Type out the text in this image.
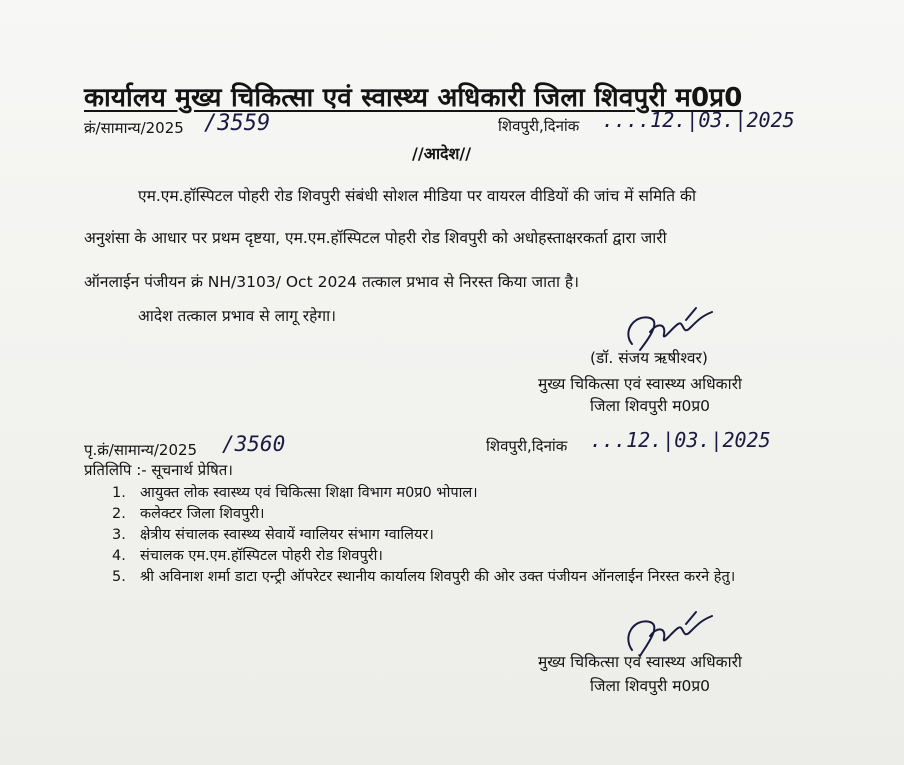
कार्यालय मुख्य चिकित्सा एवं स्वास्थ्य अधिकारी जिला शिवपुरी म0प्र0
क्रं/सामान्य/2025 /3559	शिवपुरी,दिनांक ....12.|03.|2025
//आदेश//
एम.एम.हॉस्पिटल पोहरी रोड शिवपुरी संबंधी सोशल मीडिया पर वायरल वीडियों की जांच में समिति की
अनुशंसा के आधार पर प्रथम दृष्टया, एम.एम.हॉस्पिटल पोहरी रोड शिवपुरी को अधोहस्ताक्षरकर्ता द्वारा जारी
ऑनलाईन पंजीयन क्रं NH/3103/ Oct 2024 तत्काल प्रभाव से निरस्त किया जाता है।
आदेश तत्काल प्रभाव से लागू रहेगा।
(डॉ. संजय ऋषीश्वर)
मुख्य चिकित्सा एवं स्वास्थ्य अधिकारी
जिला शिवपुरी म0प्र0
पृ.क्रं/सामान्य/2025 /3560	शिवपुरी,दिनांक ...12.|03.|2025
प्रतिलिपि :- सूचनार्थ प्रेषित।
1. आयुक्त लोक स्वास्थ्य एवं चिकित्सा शिक्षा विभाग म0प्र0 भोपाल।
2. कलेक्टर जिला शिवपुरी।
3. क्षेत्रीय संचालक स्वास्थ्य सेवायें ग्वालियर संभाग ग्वालियर।
4. संचालक एम.एम.हॉस्पिटल पोहरी रोड शिवपुरी।
5. श्री अविनाश शर्मा डाटा एन्ट्री ऑपरेटर स्थानीय कार्यालय शिवपुरी की ओर उक्त पंजीयन ऑनलाईन निरस्त करने हेतु।
मुख्य चिकित्सा एवं स्वास्थ्य अधिकारी
जिला शिवपुरी म0प्र0
